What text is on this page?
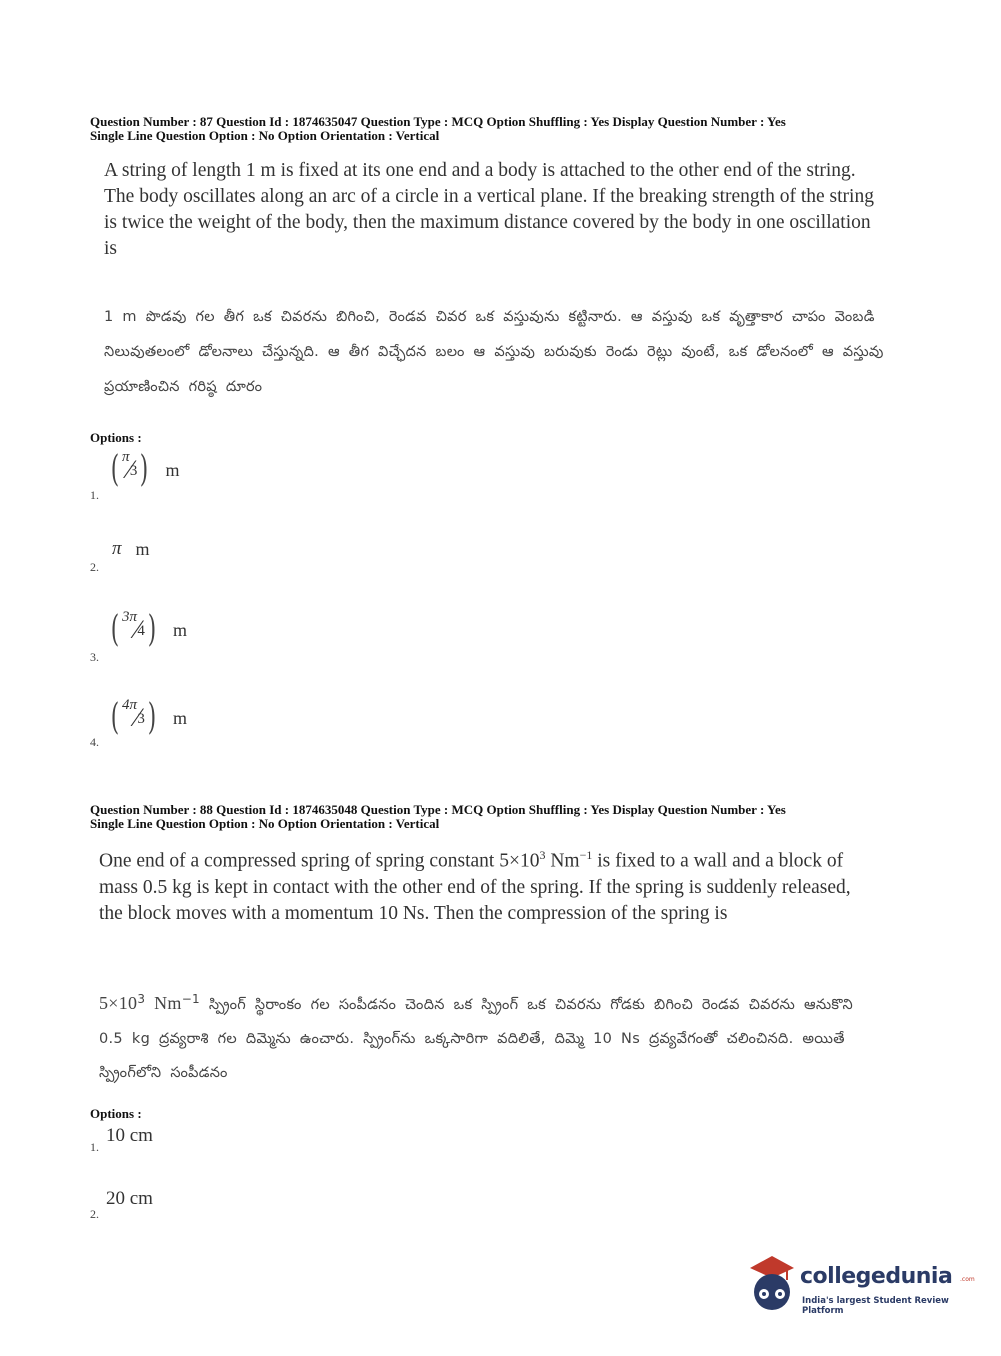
Question Number : 87 Question Id : 1874635047 Question Type : MCQ Option Shuffling : Yes Display Question Number : Yes
Single Line Question Option : No Option Orientation : Vertical
A string of length 1 m is fixed at its one end and a body is attached to the other end of the string. The body oscillates along an arc of a circle in a vertical plane. If the breaking strength of the string is twice the weight of the body, then the maximum distance covered by the body in one oscillation is
1 m పొడవు గల తీగ ఒక చివరను బిగించి, రెండవ చివర ఒక వస్తువును కట్టినారు. ఆ వస్తువు ఒక వృత్తాకార చాపం వెంబడి నిలువుతలంలో డోలనాలు చేస్తున్నది. ఆ తీగ విచ్ఛేదన బలం ఆ వస్తువు బరువుకు రెండు రెట్లు వుంటే, ఒక డోలనంలో ఆ వస్తువు ప్రయాణించిన గరిష్ఠ దూరం
Options :
1.
( π
⁄
3 ) m
2.
π m
3.
( 3π
⁄
4 ) m
4.
( 4π
⁄
3 ) m
Question Number : 88 Question Id : 1874635048 Question Type : MCQ Option Shuffling : Yes Display Question Number : Yes
Single Line Question Option : No Option Orientation : Vertical
One end of a compressed spring of spring constant $5\times 10^3$ $Nm^{-1}$ is fixed to a wall and a block of mass 0.5 kg is kept in contact with the other end of the spring. If the spring is suddenly released, the block moves with a momentum 10 Ns. Then the compression of the spring is
$5\times 10^3$ $Nm^{-1}$ స్ప్రింగ్ స్థిరాంకం గల సంపీడనం చెందిన ఒక స్ప్రింగ్ ఒక చివరను గోడకు బిగించి రెండవ చివరను ఆనుకొని 0.5 kg ద్రవ్యరాశి గల దిమ్మెను ఉంచారు. స్ప్రింగ్‌ను ఒక్కసారిగా వదిలితే, దిమ్మె 10 Ns ద్రవ్యవేగంతో చలించినది. అయితే స్ప్రింగ్‌లోని సంపీడనం
Options :
1.
10 cm
2.
20 cm
collegedunia .com
India's largest Student Review Platform
